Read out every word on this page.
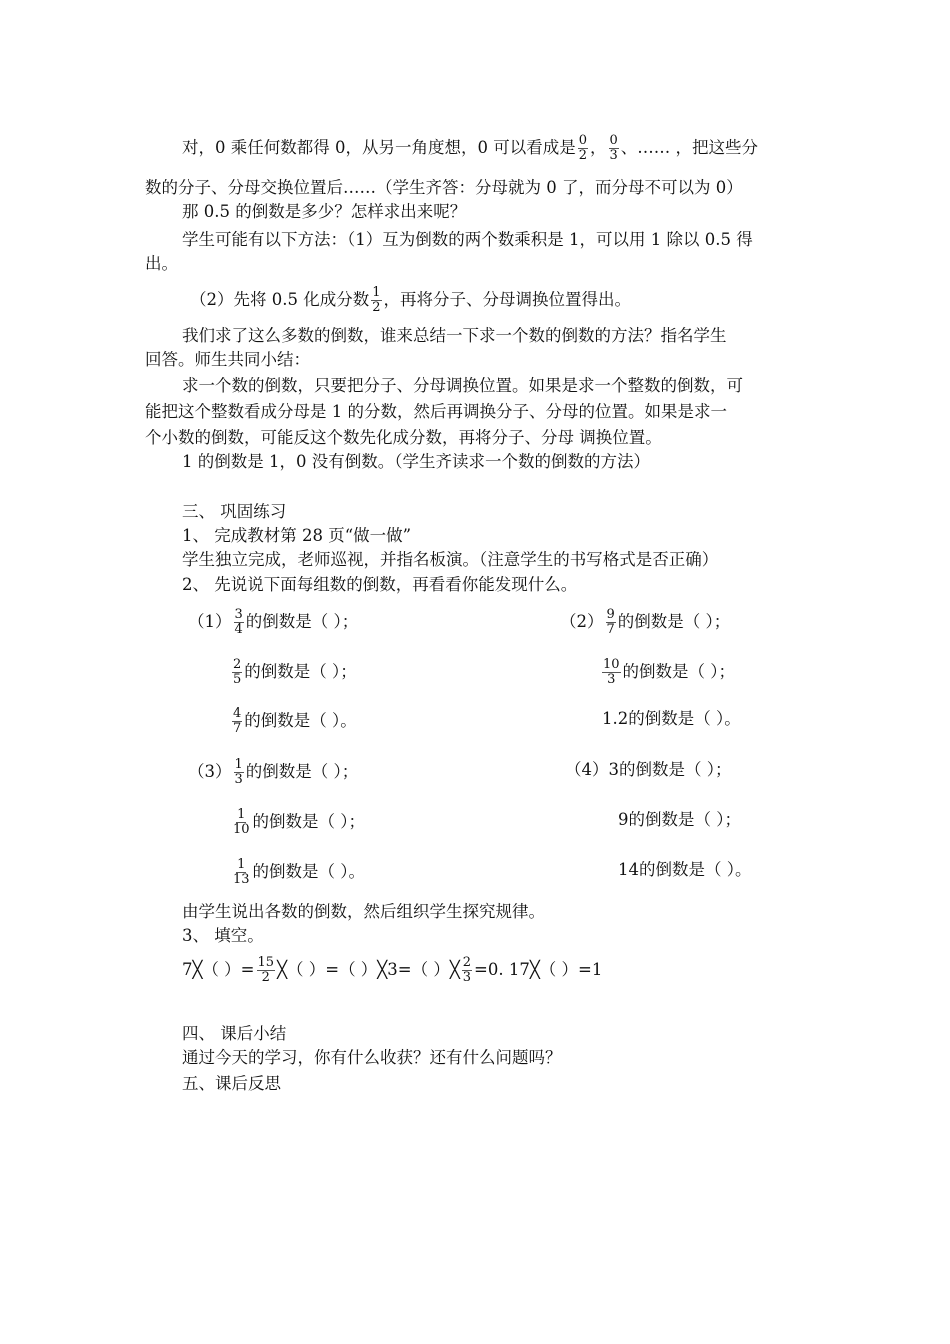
对，0 乘任何数都得 0，从另一角度想，0 可以看成是 $\frac{0}{2}$ ， $\frac{0}{3}$ 、…… ，把这些分
数的分子、分母交换位置后……（学生齐答：分母就为 0 了，而分母不可以为 0）
那 0.5 的倒数是多少？怎样求出来呢？
学生可能有以下方法：（1）互为倒数的两个数乘积是 1，可以用 1 除以 0.5 得
出。
（2）先将 0.5 化成分数 $\frac{1}{2}$ ，再将分子、分母调换位置得出。
我们求了这么多数的倒数，谁来总结一下求一个数的倒数的方法？指名学生
回答。师生共同小结：
求一个数的倒数，只要把分子、分母调换位置。如果是求一个整数的倒数，可
能把这个整数看成分母是 1 的分数，然后再调换分子、分母的位置。如果是求一
个小数的倒数，可能反这个数先化成分数，再将分子、分母 调换位置。
1 的倒数是 1，0 没有倒数。（学生齐读求一个数的倒数的方法）
三、 巩固练习
1、 完成教材第 28 页“做一做”
学生独立完成，老师巡视，并指名板演。（注意学生的书写格式是否正确）
2、 先说说下面每组数的倒数，再看看你能发现什么。
$(1) \frac{3}{4}$ 的倒数是（ ）；
$\frac{2}{5}$ 的倒数是（ ）；
$\frac{4}{7}$ 的倒数是（ ）。
$(2) \frac{9}{7}$ 的倒数是（ ）；
$\frac{10}{3}$ 的倒数是（ ）；
1.2的倒数是（ ）。
$(3) \frac{1}{3}$ 的倒数是（ ）；
$\frac{1}{10}$ 的倒数是（ ）；
$\frac{1}{13}$ 的倒数是（ ）。
（4）3的倒数是（ ）；
9的倒数是（ ）；
14的倒数是（ ）。
由学生说出各数的倒数，然后组织学生探究规律。
3、 填空。
7╳（ ）= $\frac{15}{2}$ ╳（ ）=（ ）╳3=（ ）╳ $\frac{2}{3} =0$. 17╳（ ）=1
四、 课后小结
通过今天的学习，你有什么收获？还有什么问题吗？
五、课后反思
